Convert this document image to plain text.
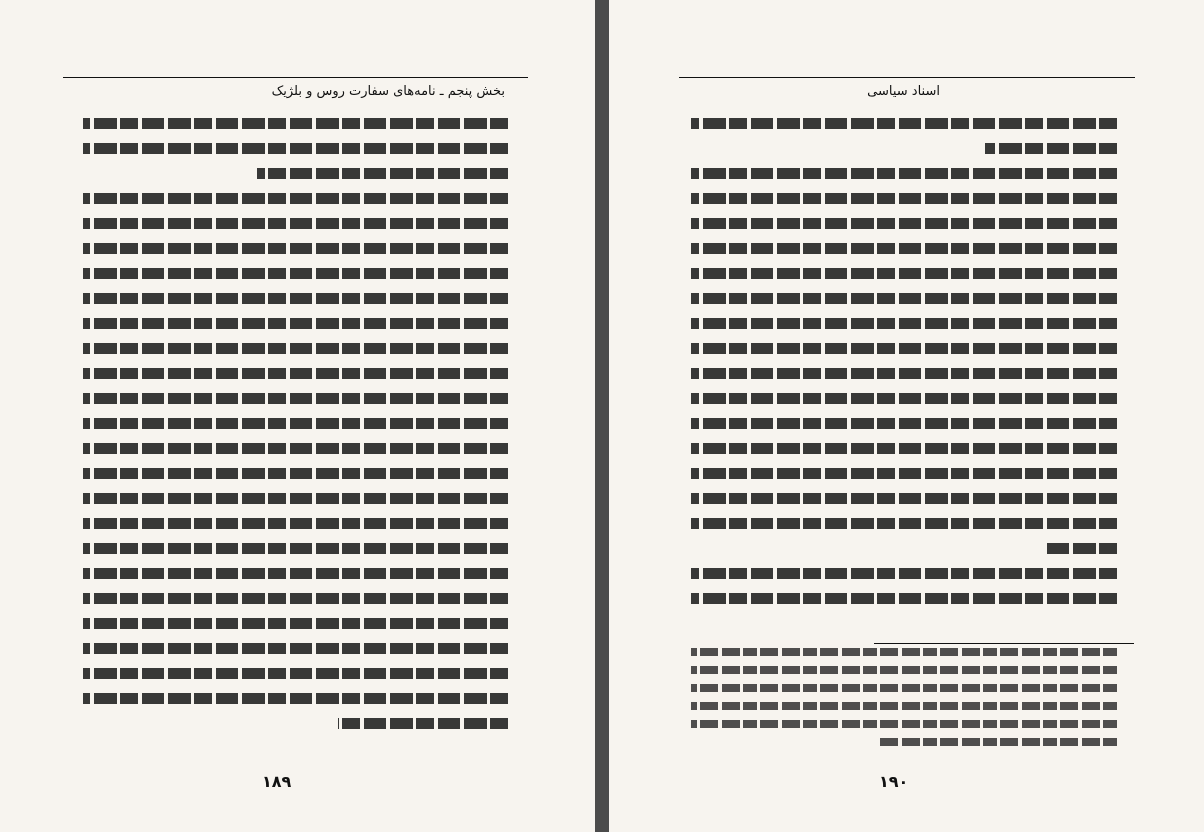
بخش پنجم ـ نامه‌های سفارت روس و بلژیک
۱۸۹
اسناد سیاسی
۱۹۰
